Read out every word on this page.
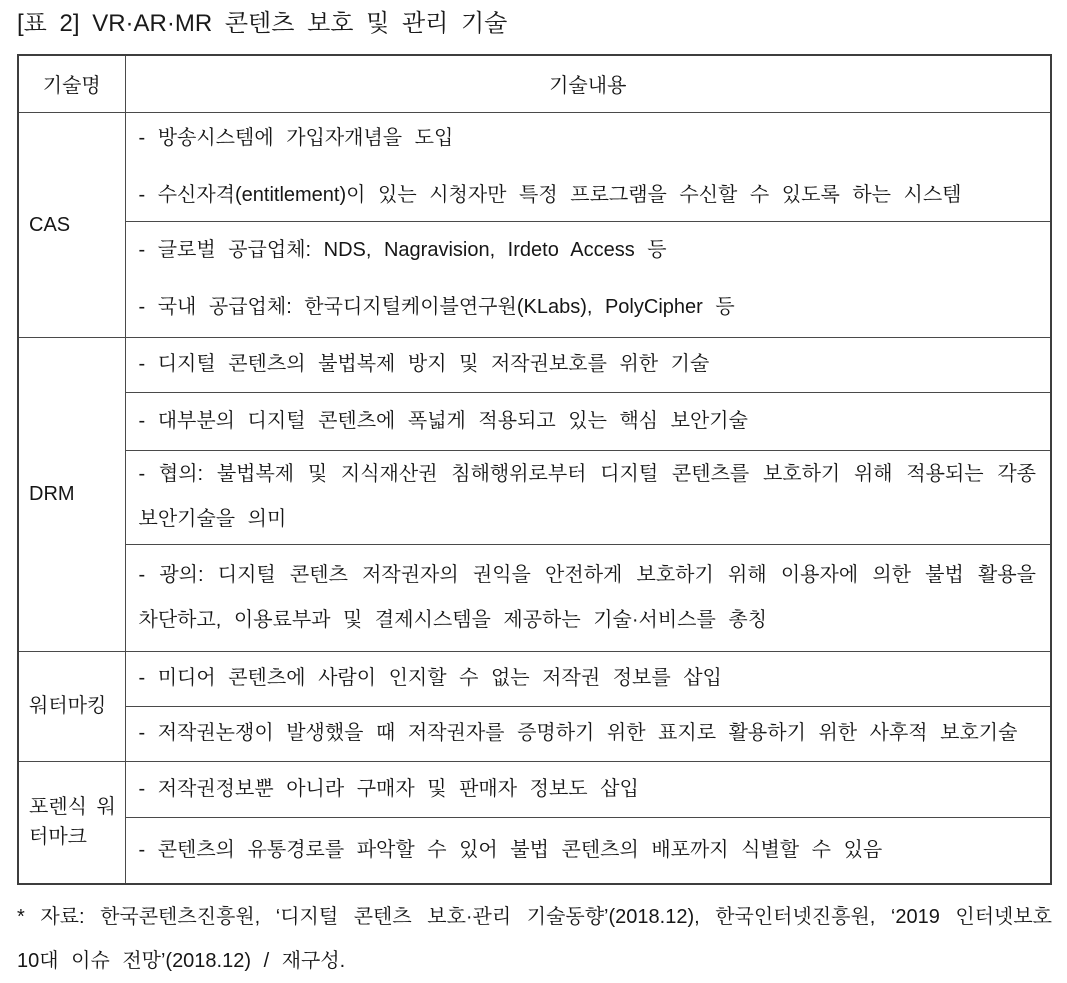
[표 2] VR·AR·MR 콘텐츠 보호 및 관리 기술
기술명	기술내용
CAS	- 방송시스템에 가입자개념을 도입
- 수신자격(entitlement)이 있는 시청자만 특정 프로그램을 수신할 수 있도록 하는 시스템

	- 글로벌 공급업체: NDS, Nagravision, Irdeto Access 등
- 국내 공급업체: 한국디지털케이블연구원(KLabs), PolyCipher 등

DRM	- 디지털 콘텐츠의 불법복제 방지 및 저작권보호를 위한 기술

	- 대부분의 디지털 콘텐츠에 폭넓게 적용되고 있는 핵심 보안기술

	- 협의: 불법복제 및 지식재산권 침해행위로부터 디지털 콘텐츠를 보호하기 위해 적용되는 각종 보안기술을 의미

	- 광의: 디지털 콘텐츠 저작권자의 권익을 안전하게 보호하기 위해 이용자에 의한 불법 활용을 차단하고, 이용료부과 및 결제시스템을 제공하는 기술·서비스를 총칭

워터마킹	- 미디어 콘텐츠에 사람이 인지할 수 없는 저작권 정보를 삽입

	- 저작권논쟁이 발생했을 때 저작권자를 증명하기 위한 표지로 활용하기 위한 사후적 보호기술

포렌식 워터마크	- 저작권정보뿐 아니라 구매자 및 판매자 정보도 삽입

	- 콘텐츠의 유통경로를 파악할 수 있어 불법 콘텐츠의 배포까지 식별할 수 있음
* 자료: 한국콘텐츠진흥원, ‘디지털 콘텐츠 보호·관리 기술동향’(2018.12), 한국인터넷진흥원, ‘2019 인터넷보호 10대 이슈 전망’(2018.12) / 재구성.
